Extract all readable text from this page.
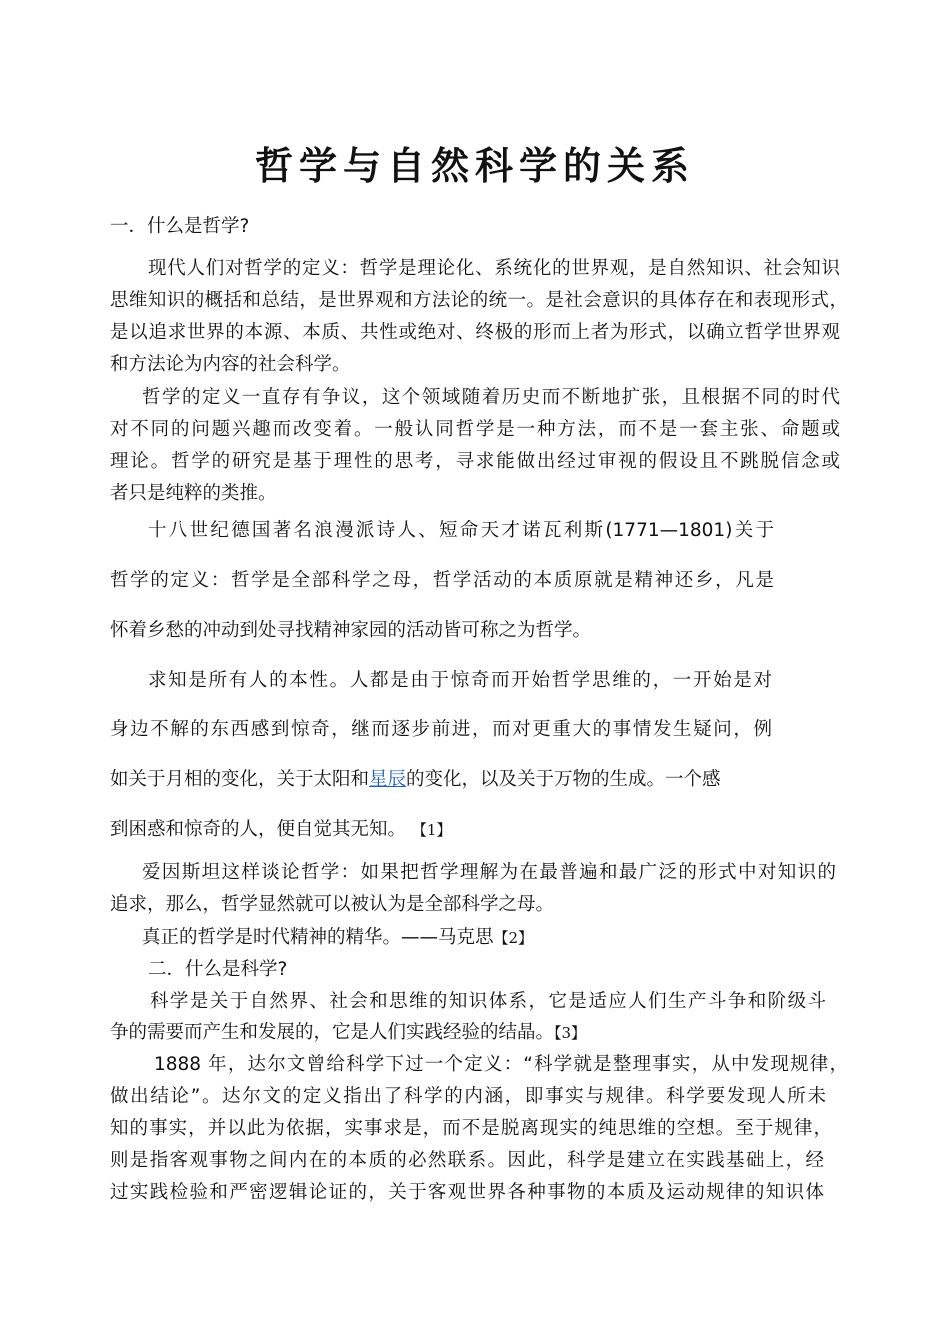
哲学与自然科学的关系

一．什么是哲学?

现代人们对哲学的定义：哲学是理论化、系统化的世界观，是自然知识、社会知识

思维知识的概括和总结，是世界观和方法论的统一。是社会意识的具体存在和表现形式，

是以追求世界的本源、本质、共性或绝对、终极的形而上者为形式，以确立哲学世界观

和方法论为内容的社会科学。

哲学的定义一直存有争议，这个领域随着历史而不断地扩张，且根据不同的时代

对不同的问题兴趣而改变着。一般认同哲学是一种方法，而不是一套主张、命题或

理论。哲学的研究是基于理性的思考，寻求能做出经过审视的假设且不跳脱信念或

者只是纯粹的类推。

十八世纪德国著名浪漫派诗人、短命天才诺瓦利斯(1771—1801)关于

哲学的定义：哲学是全部科学之母，哲学活动的本质原就是精神还乡，凡是

怀着乡愁的冲动到处寻找精神家园的活动皆可称之为哲学。

求知是所有人的本性。人都是由于惊奇而开始哲学思维的，一开始是对

身边不解的东西感到惊奇，继而逐步前进，而对更重大的事情发生疑问，例

如关于月相的变化，关于太阳和星辰的变化，以及关于万物的生成。一个感

到困惑和惊奇的人，便自觉其无知。 【1】

爱因斯坦这样谈论哲学：如果把哲学理解为在最普遍和最广泛的形式中对知识的

追求，那么，哲学显然就可以被认为是全部科学之母。

真正的哲学是时代精神的精华。——马克思【2】

二．什么是科学?

科学是关于自然界、社会和思维的知识体系，它是适应人们生产斗争和阶级斗

争的需要而产生和发展的，它是人们实践经验的结晶。【3】

1888 年，达尔文曾给科学下过一个定义：“科学就是整理事实，从中发现规律，

做出结论”。达尔文的定义指出了科学的内涵，即事实与规律。科学要发现人所未

知的事实，并以此为依据，实事求是，而不是脱离现实的纯思维的空想。至于规律，

则是指客观事物之间内在的本质的必然联系。因此，科学是建立在实践基础上，经

过实践检验和严密逻辑论证的，关于客观世界各种事物的本质及运动规律的知识体
